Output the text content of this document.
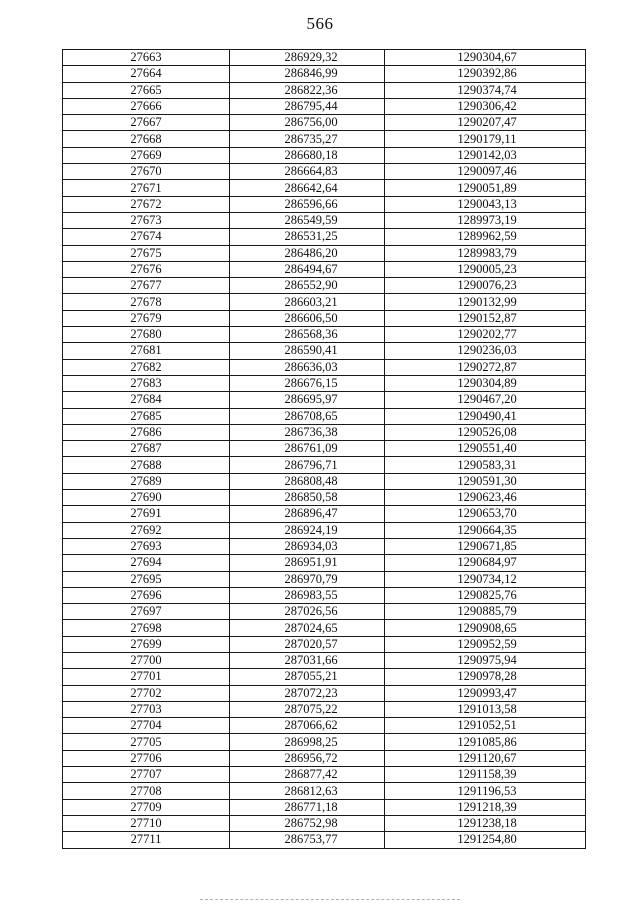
566
27663	286929,32	1290304,67
27664	286846,99	1290392,86
27665	286822,36	1290374,74
27666	286795,44	1290306,42
27667	286756,00	1290207,47
27668	286735,27	1290179,11
27669	286680,18	1290142,03
27670	286664,83	1290097,46
27671	286642,64	1290051,89
27672	286596,66	1290043,13
27673	286549,59	1289973,19
27674	286531,25	1289962,59
27675	286486,20	1289983,79
27676	286494,67	1290005,23
27677	286552,90	1290076,23
27678	286603,21	1290132,99
27679	286606,50	1290152,87
27680	286568,36	1290202,77
27681	286590,41	1290236,03
27682	286636,03	1290272,87
27683	286676,15	1290304,89
27684	286695,97	1290467,20
27685	286708,65	1290490,41
27686	286736,38	1290526,08
27687	286761,09	1290551,40
27688	286796,71	1290583,31
27689	286808,48	1290591,30
27690	286850,58	1290623,46
27691	286896,47	1290653,70
27692	286924,19	1290664,35
27693	286934,03	1290671,85
27694	286951,91	1290684,97
27695	286970,79	1290734,12
27696	286983,55	1290825,76
27697	287026,56	1290885,79
27698	287024,65	1290908,65
27699	287020,57	1290952,59
27700	287031,66	1290975,94
27701	287055,21	1290978,28
27702	287072,23	1290993,47
27703	287075,22	1291013,58
27704	287066,62	1291052,51
27705	286998,25	1291085,86
27706	286956,72	1291120,67
27707	286877,42	1291158,39
27708	286812,63	1291196,53
27709	286771,18	1291218,39
27710	286752,98	1291238,18
27711	286753,77	1291254,80
